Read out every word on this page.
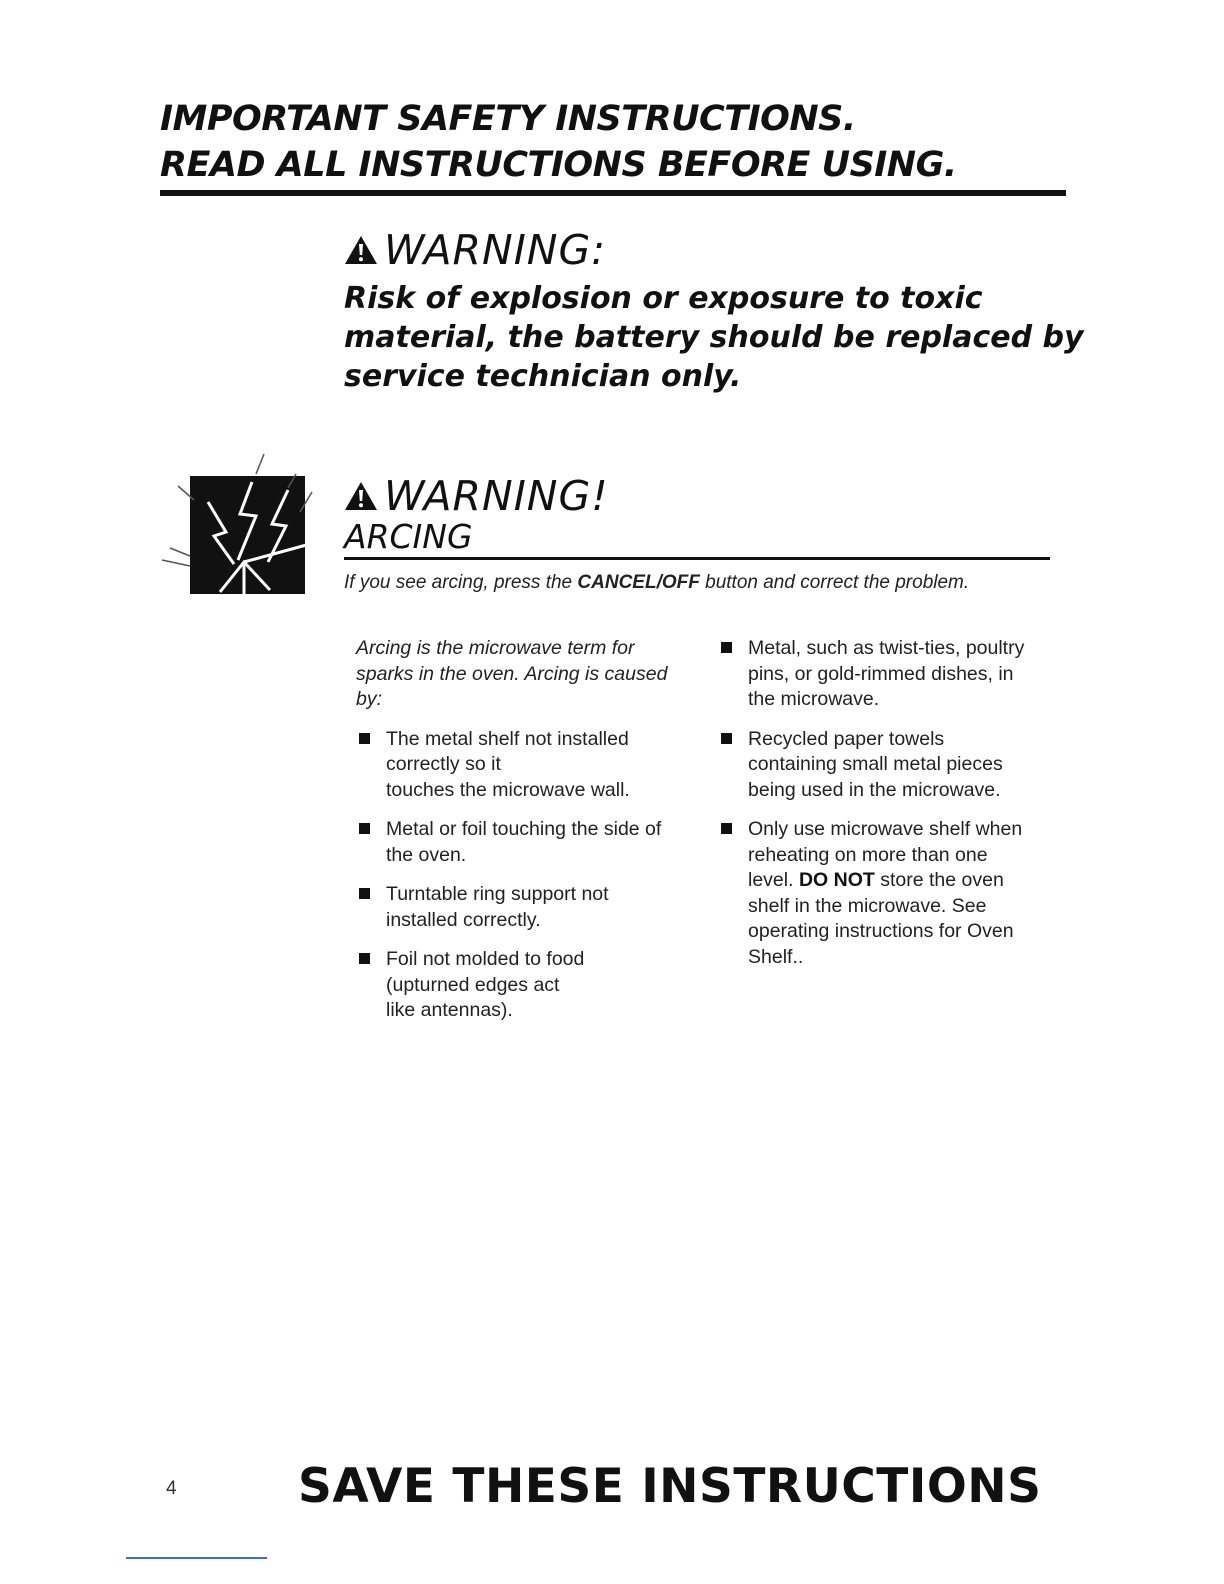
IMPORTANT SAFETY INSTRUCTIONS.
READ ALL INSTRUCTIONS BEFORE USING.
WARNING:
Risk of explosion or exposure to toxic
material, the battery should be replaced by
service technician only.
WARNING!
ARCING
If you see arcing, press the CANCEL/OFF button and correct the problem.
Arcing is the microwave term for
sparks in the oven. Arcing is caused
by:
The metal shelf not installed
correctly so it
touches the microwave wall.
Metal or foil touching the side of
the oven.
Turntable ring support not
installed correctly.
Foil not molded to food
(upturned edges act
like antennas).
Metal, such as twist-ties, poultry
pins, or gold-rimmed dishes, in
the microwave.
Recycled paper towels
containing small metal pieces
being used in the microwave.
Only use microwave shelf when
reheating on more than one
level. DO NOT store the oven
shelf in the microwave. See
operating instructions for Oven
Shelf..
4	SAVE THESE INSTRUCTIONS
